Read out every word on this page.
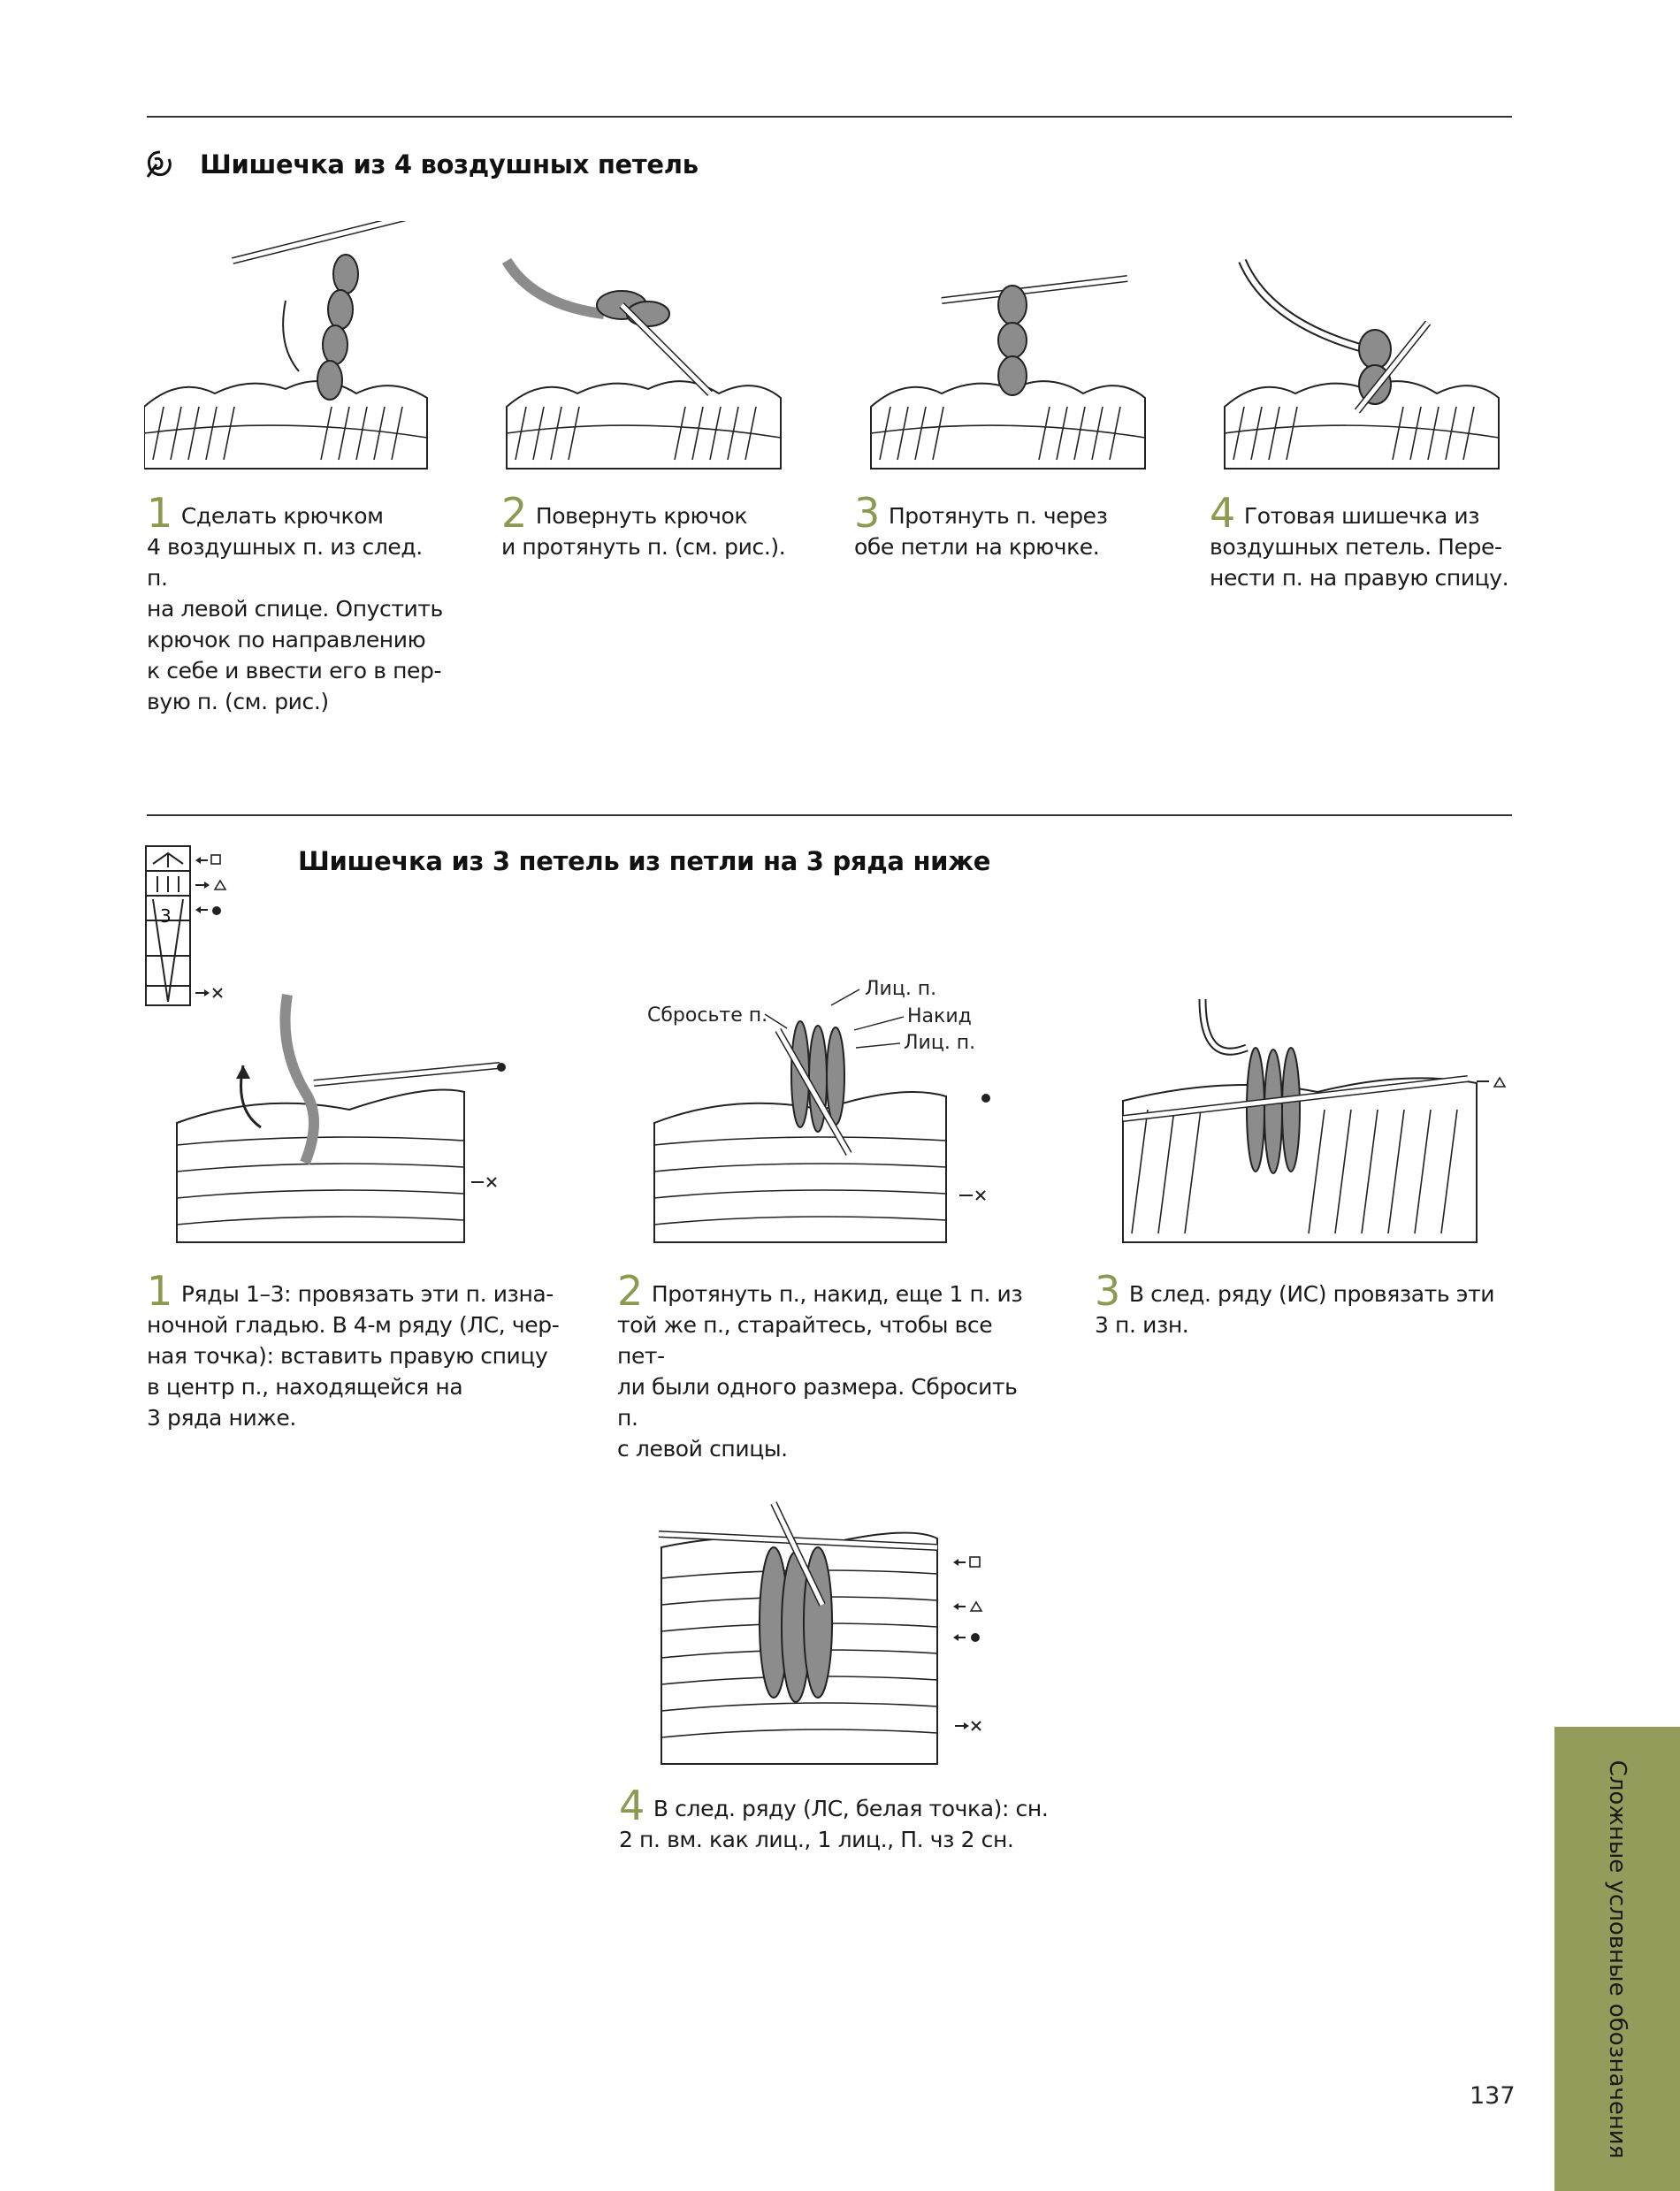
Шишечка из 4 воздушных петель
1 Сделать крючком
4 воздушных п. из след. п.
на левой спице. Опустить
крючок по направлению
к себе и ввести его в пер-
вую п. (см. рис.)
2 Повернуть крючок
и протянуть п. (см. рис.).
3 Протянуть п. через
обе петли на крючке.
4 Готовая шишечка из
воздушных петель. Пере-
нести п. на правую спицу.
3
Шишечка из 3 петель из петли на 3 ряда ниже
Сбросьте п.
Лиц. п.
Накид
Лиц. п.
1 Ряды 1–3: провязать эти п. изна-
ночной гладью. В 4-м ряду (ЛС, чер-
ная точка): вставить правую спицу
в центр п., находящейся на
3 ряда ниже.
2 Протянуть п., накид, еще 1 п. из
той же п., старайтесь, чтобы все пет-
ли были одного размера. Сбросить п.
с левой спицы.
3 В след. ряду (ИС) провязать эти
3 п. изн.
4 В след. ряду (ЛС, белая точка): сн.
2 п. вм. как лиц., 1 лиц., П. чз 2 сн.	Сложные условные обозначения
137
